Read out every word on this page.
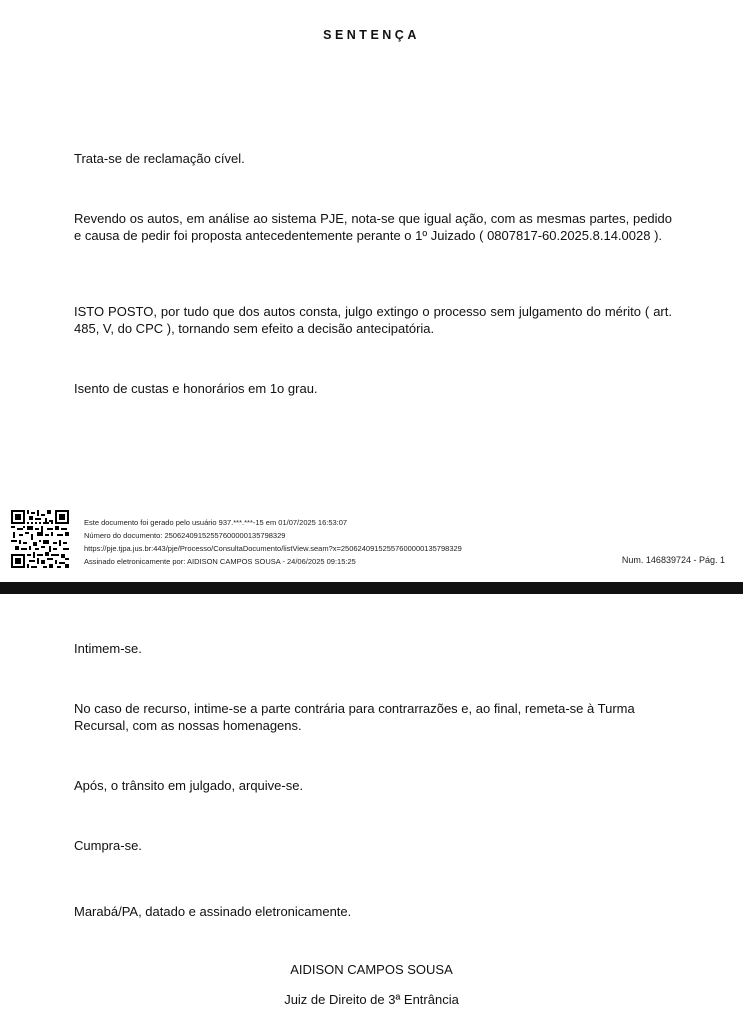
SENTENÇA
Trata-se de reclamação cível.
Revendo os autos, em análise ao sistema PJE, nota-se que igual ação, com as mesmas partes, pedido e causa de pedir foi proposta antecedentemente perante o 1º Juizado ( 0807817-60.2025.8.14.0028 ).
ISTO POSTO, por tudo que dos autos consta, julgo extingo o processo sem julgamento do mérito ( art. 485, V, do CPC ), tornando sem efeito a decisão antecipatória.
Isento de custas e honorários em 1o grau.
Este documento foi gerado pelo usuário 937.***.***-15 em 01/07/2025 16:53:07
Número do documento: 25062409152557600000135798329
https://pje.tjpa.jus.br:443/pje/Processo/ConsultaDocumento/listView.seam?x=25062409152557600000135798329
Assinado eletronicamente por: AIDISON CAMPOS SOUSA - 24/06/2025 09:15:25	Num. 146839724 - Pág. 1
Intimem-se.
No caso de recurso, intime-se a parte contrária para contrarrazões e, ao final, remeta-se à Turma Recursal, com as nossas homenagens.
Após, o trânsito em julgado, arquive-se.
Cumpra-se.
Marabá/PA, datado e assinado eletronicamente.
AIDISON CAMPOS SOUSA
Juiz de Direito de 3ª Entrância
